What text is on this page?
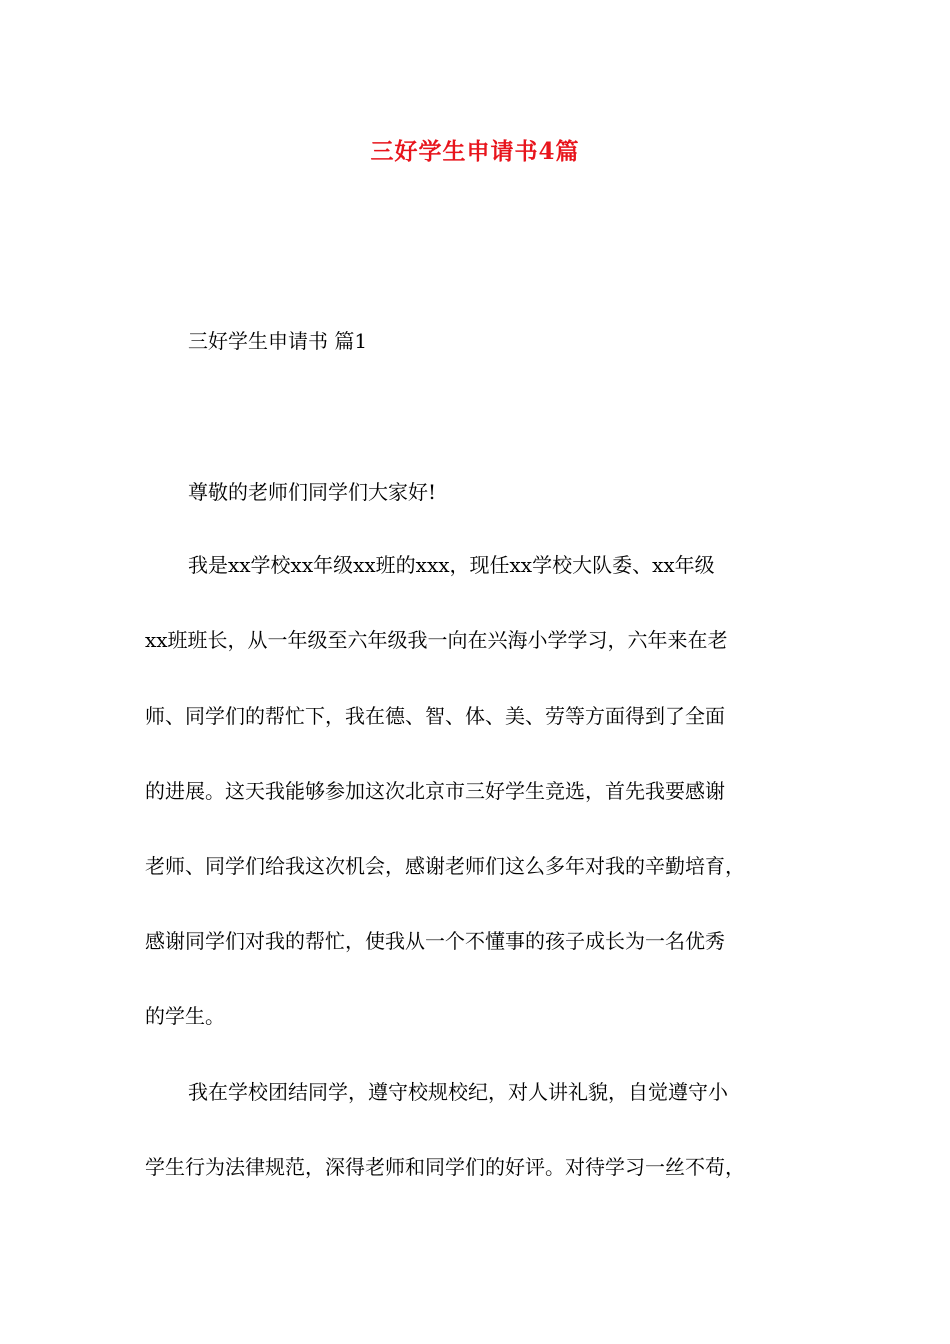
三好学生申请书4篇
三好学生申请书 篇1
尊敬的老师们同学们大家好!
我是xx学校xx年级xx班的xxx，现任xx学校大队委、xx年级
xx班班长，从一年级至六年级我一向在兴海小学学习，六年来在老
师、同学们的帮忙下，我在德、智、体、美、劳等方面得到了全面
的进展。这天我能够参加这次北京市三好学生竞选，首先我要感谢
老师、同学们给我这次机会，感谢老师们这么多年对我的辛勤培育，
感谢同学们对我的帮忙，使我从一个不懂事的孩子成长为一名优秀
的学生。
我在学校团结同学，遵守校规校纪，对人讲礼貌，自觉遵守小
学生行为法律规范，深得老师和同学们的好评。对待学习一丝不苟，
